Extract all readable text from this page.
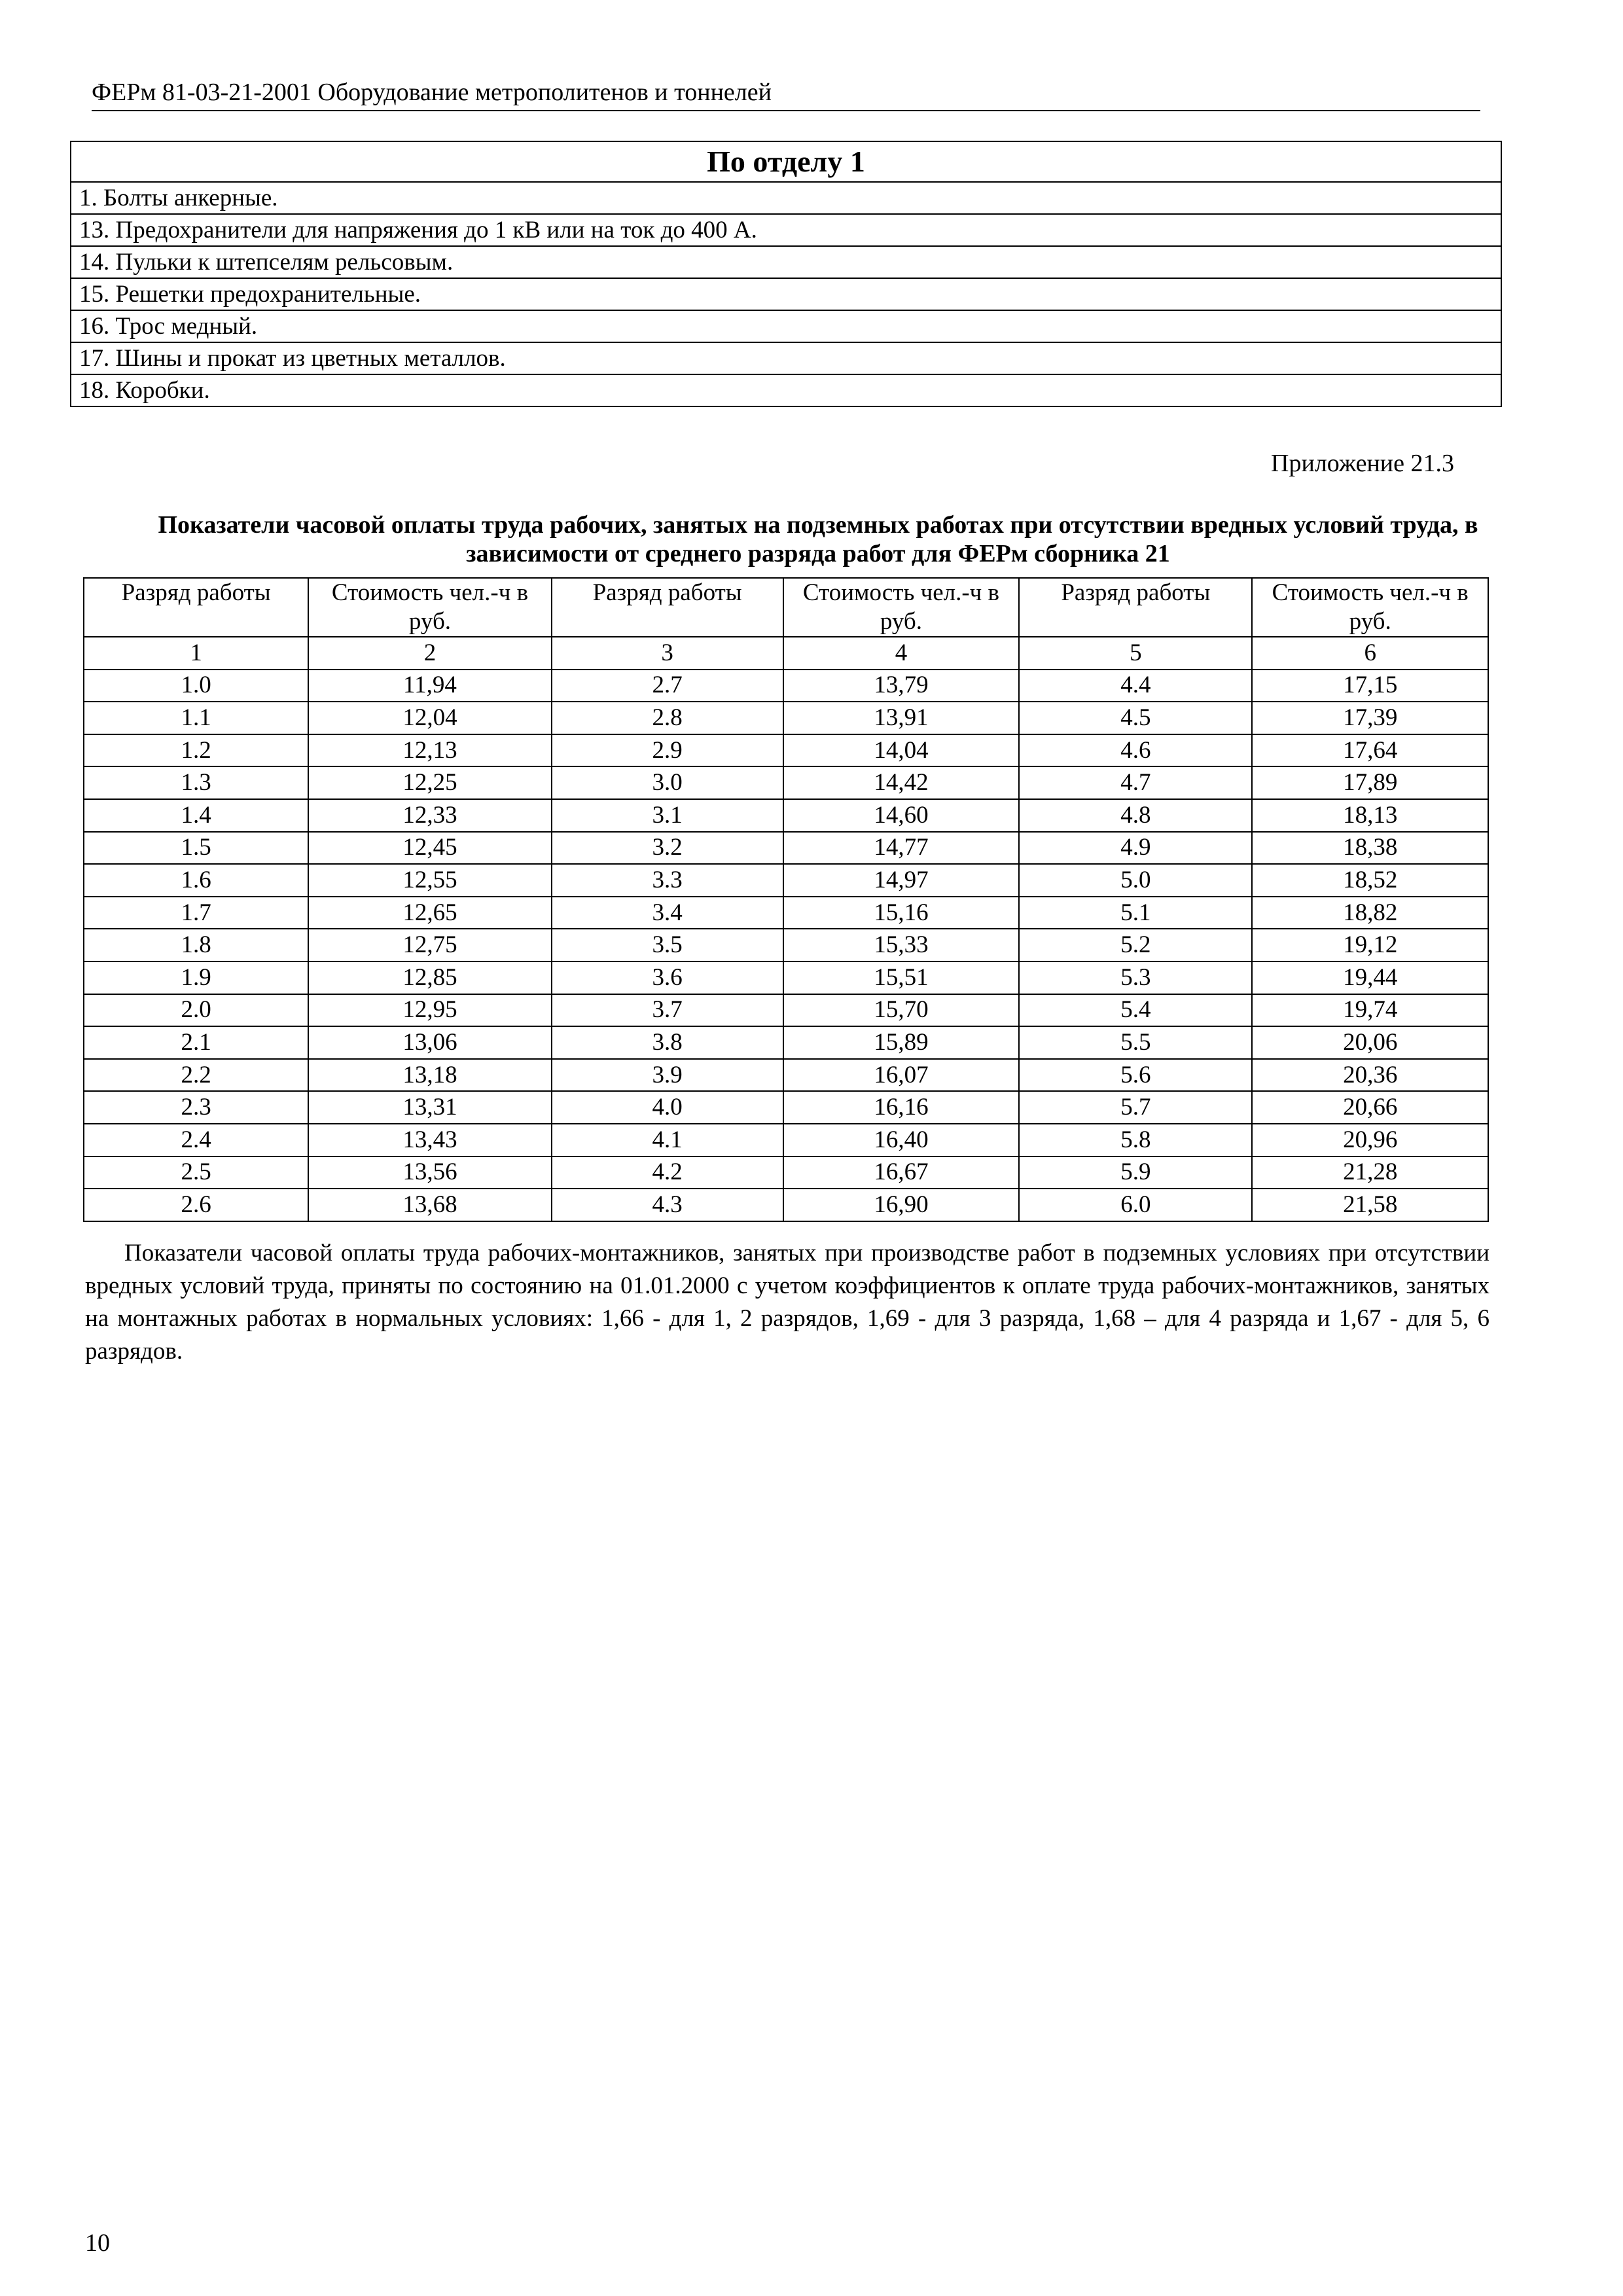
ФЕРм 81-03-21-2001 Оборудование метрополитенов и тоннелей
По отделу 1
1. Болты анкерные.
13. Предохранители для напряжения до 1 кВ или на ток до 400 А.
14. Пульки к штепселям рельсовым.
15. Решетки предохранительные.
16. Трос медный.
17. Шины и прокат из цветных металлов.
18. Коробки.
Приложение 21.3
Показатели часовой оплаты труда рабочих, занятых на подземных работах при отсутствии вредных условий труда, в зависимости от среднего разряда работ для ФЕРм сборника 21
Разряд работы	Стоимость чел.-ч в руб.	Разряд работы	Стоимость чел.-ч в руб.	Разряд работы	Стоимость чел.-ч в руб.
1	2	3	4	5	6
1.0	11,94	2.7	13,79	4.4	17,15
1.1	12,04	2.8	13,91	4.5	17,39
1.2	12,13	2.9	14,04	4.6	17,64
1.3	12,25	3.0	14,42	4.7	17,89
1.4	12,33	3.1	14,60	4.8	18,13
1.5	12,45	3.2	14,77	4.9	18,38
1.6	12,55	3.3	14,97	5.0	18,52
1.7	12,65	3.4	15,16	5.1	18,82
1.8	12,75	3.5	15,33	5.2	19,12
1.9	12,85	3.6	15,51	5.3	19,44
2.0	12,95	3.7	15,70	5.4	19,74
2.1	13,06	3.8	15,89	5.5	20,06
2.2	13,18	3.9	16,07	5.6	20,36
2.3	13,31	4.0	16,16	5.7	20,66
2.4	13,43	4.1	16,40	5.8	20,96
2.5	13,56	4.2	16,67	5.9	21,28
2.6	13,68	4.3	16,90	6.0	21,58
Показатели часовой оплаты труда рабочих-монтажников, занятых при производстве работ в подземных условиях при отсутствии вредных условий труда, приняты по состоянию на 01.01.2000 с учетом коэффициентов к оплате труда рабочих-монтажников, занятых на монтажных работах в нормальных условиях: 1,66 - для 1, 2 разрядов, 1,69 - для 3 разряда, 1,68 – для 4 разряда и 1,67 - для 5, 6 разрядов.
10
